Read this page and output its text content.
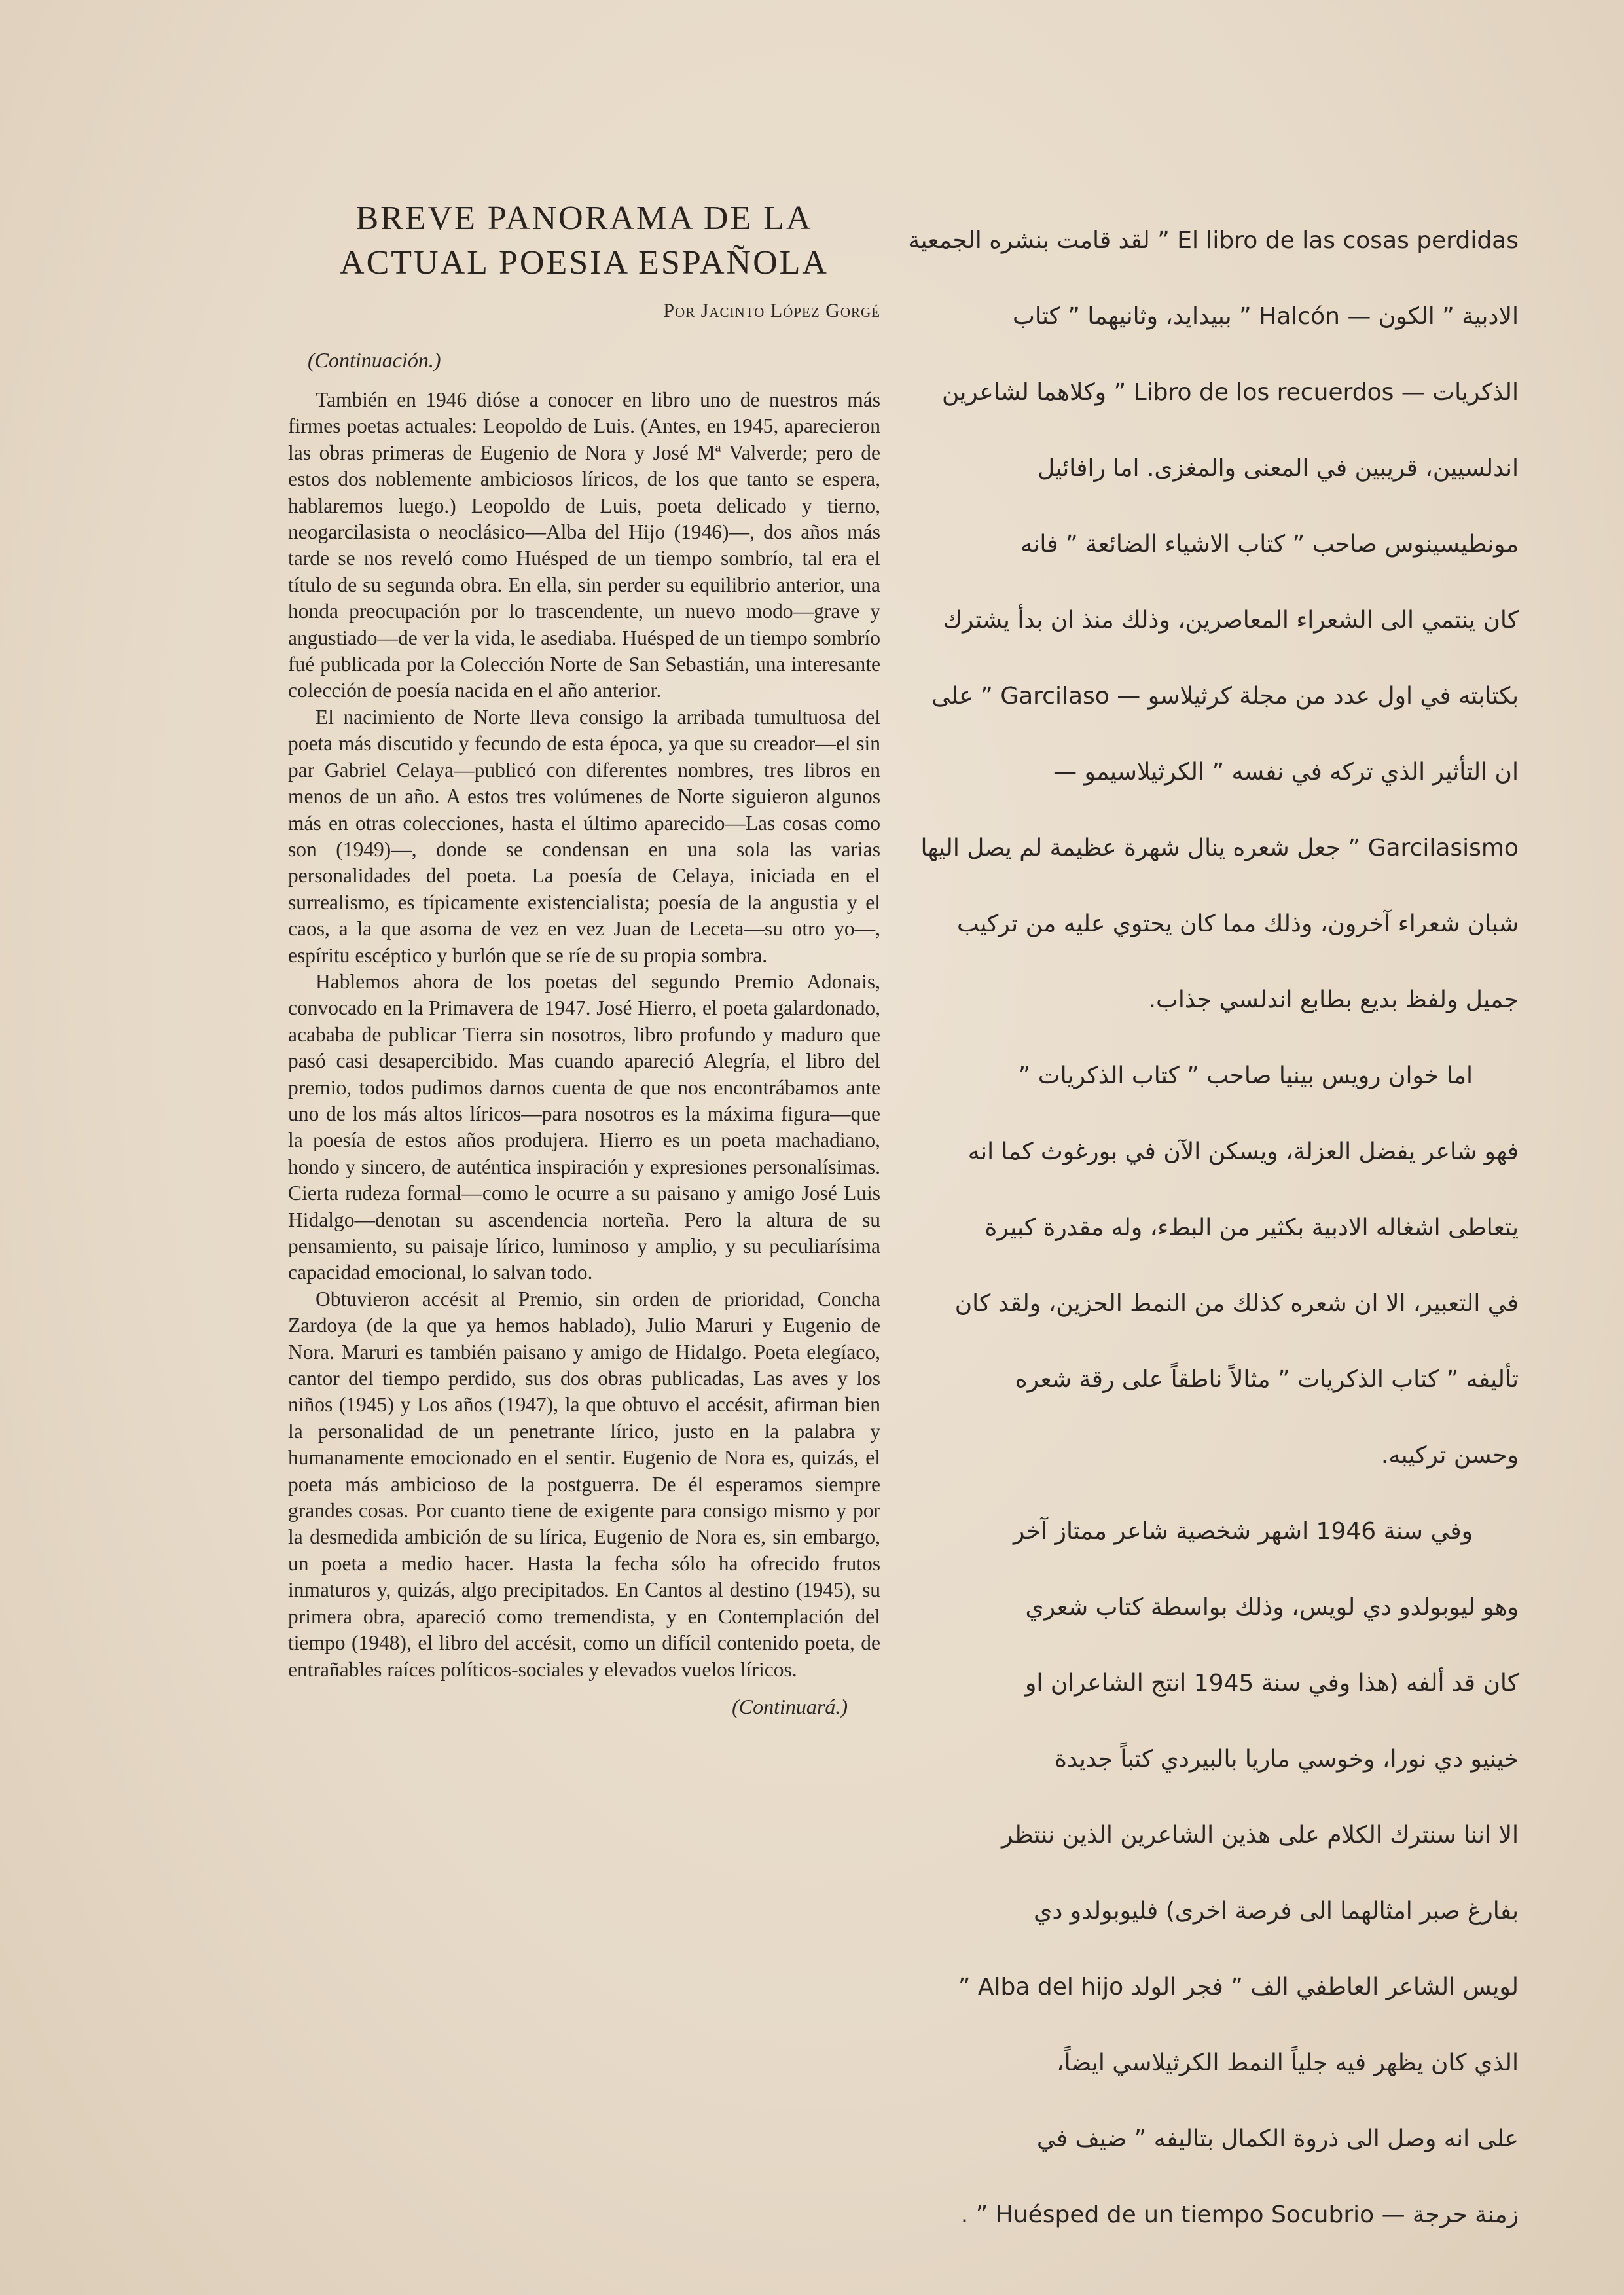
BREVE PANORAMA DE LA
ACTUAL POESIA ESPAÑOLA
Por Jacinto López Gorgé
(Continuación.)

También en 1946 dióse a conocer en libro uno de nuestros más firmes poetas actuales: Leopoldo de Luis. (Antes, en 1945, aparecieron las obras primeras de Eugenio de Nora y José Mª Valverde; pero de estos dos noblemente ambiciosos líricos, de los que tanto se espera, hablaremos luego.) Leopoldo de Luis, poeta delicado y tierno, neogarcilasista o neoclásico—Alba del Hijo (1946)—, dos años más tarde se nos reveló como Huésped de un tiempo sombrío, tal era el título de su segunda obra. En ella, sin perder su equilibrio anterior, una honda preocupación por lo trascendente, un nuevo modo—grave y angustiado—de ver la vida, le asediaba. Huésped de un tiempo sombrío fué publicada por la Colección Norte de San Sebastián, una interesante colección de poesía nacida en el año anterior.

El nacimiento de Norte lleva consigo la arribada tumultuosa del poeta más discutido y fecundo de esta época, ya que su creador—el sin par Gabriel Celaya—publicó con diferentes nombres, tres libros en menos de un año. A estos tres volúmenes de Norte siguieron algunos más en otras colecciones, hasta el último aparecido—Las cosas como son (1949)—, donde se condensan en una sola las varias personalidades del poeta. La poesía de Celaya, iniciada en el surrealismo, es típicamente existencialista; poesía de la angustia y el caos, a la que asoma de vez en vez Juan de Leceta—su otro yo—, espíritu escéptico y burlón que se ríe de su propia sombra.

Hablemos ahora de los poetas del segundo Premio Adonais, convocado en la Primavera de 1947. José Hierro, el poeta galardonado, acababa de publicar Tierra sin nosotros, libro profundo y maduro que pasó casi desapercibido. Mas cuando apareció Alegría, el libro del premio, todos pudimos darnos cuenta de que nos encontrábamos ante uno de los más altos líricos—para nosotros es la máxima figura—que la poesía de estos años produjera. Hierro es un poeta machadiano, hondo y sincero, de auténtica inspiración y expresiones personalísimas. Cierta rudeza formal—como le ocurre a su paisano y amigo José Luis Hidalgo—denotan su ascendencia norteña. Pero la altura de su pensamiento, su paisaje lírico, luminoso y amplio, y su peculiarísima capacidad emocional, lo salvan todo.

Obtuvieron accésit al Premio, sin orden de prioridad, Concha Zardoya (de la que ya hemos hablado), Julio Maruri y Eugenio de Nora. Maruri es también paisano y amigo de Hidalgo. Poeta elegíaco, cantor del tiempo perdido, sus dos obras publicadas, Las aves y los niños (1945) y Los años (1947), la que obtuvo el accésit, afirman bien la personalidad de un penetrante lírico, justo en la palabra y humanamente emocionado en el sentir. Eugenio de Nora es, quizás, el poeta más ambicioso de la postguerra. De él esperamos siempre grandes cosas. Por cuanto tiene de exigente para consigo mismo y por la desmedida ambición de su lírica, Eugenio de Nora es, sin embargo, un poeta a medio hacer. Hasta la fecha sólo ha ofrecido frutos inmaturos y, quizás, algo precipitados. En Cantos al destino (1945), su primera obra, apareció como tremendista, y en Contemplación del tiempo (1948), el libro del accésit, como un difícil contenido poeta, de entrañables raíces políticos-sociales y elevados vuelos líricos.

(Continuará.)
El libro de las cosas perdidas ” لقد قامت بنشره الجمعية
الادبية ” الكون — Halcón ” ببيدايد، وثانيهما ” كتاب
الذكريات — Libro de los recuerdos ” وكلاهما لشاعرين
اندلسيين، قريبين في المعنى والمغزى. اما رافائيل
مونطيسينوس صاحب ” كتاب الاشياء الضائعة ” فانه
كان ينتمي الى الشعراء المعاصرين، وذلك منذ ان بدأ يشترك
بكتابته في اول عدد من مجلة كرثيلاسو — Garcilaso ” على
ان التأثير الذي تركه في نفسه ” الكرثيلاسيمو —
Garcilasismo ” جعل شعره ينال شهرة عظيمة لم يصل اليها
شبان شعراء آخرون، وذلك مما كان يحتوي عليه من تركيب
جميل ولفظ بديع بطابع اندلسي جذاب.
اما خوان رويس بينيا صاحب ” كتاب الذكريات ”
فهو شاعر يفضل العزلة، ويسكن الآن في بورغوث كما انه
يتعاطى اشغاله الادبية بكثير من البطء، وله مقدرة كبيرة
في التعبير، الا ان شعره كذلك من النمط الحزين، ولقد كان
تأليفه ” كتاب الذكريات ” مثالاً ناطقاً على رقة شعره
وحسن تركيبه.
وفي سنة 1946 اشهر شخصية شاعر ممتاز آخر
وهو ليوبولدو دي لويس، وذلك بواسطة كتاب شعري
كان قد ألفه (هذا وفي سنة 1945 انتج الشاعران او
خينيو دي نورا، وخوسي ماريا بالبيردي كتباً جديدة
الا اننا سنترك الكلام على هذين الشاعرين الذين ننتظر
بفارغ صبر امثالهما الى فرصة اخرى) فليوبولدو دي
لويس الشاعر العاطفي الف ” فجر الولد Alba del hijo ”
الذي كان يظهر فيه جلياً النمط الكرثيلاسي ايضاً،
على انه وصل الى ذروة الكمال بتاليفه ” ضيف في
زمنة حرجة — Huésped de un tiempo Socubrio ” .
